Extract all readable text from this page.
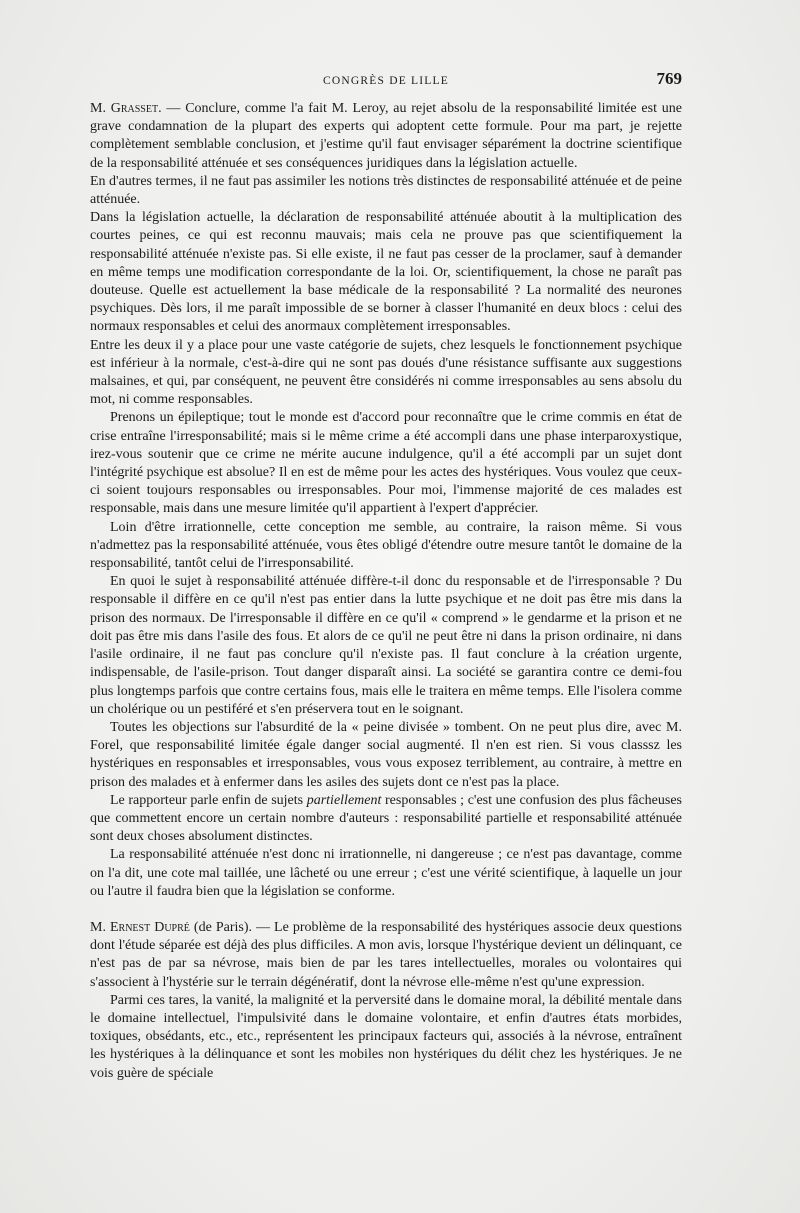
CONGRÈS DE LILLE	769

M. Grasset. — Conclure, comme l'a fait M. Leroy, au rejet absolu de la responsabilité limitée est une grave condamnation de la plupart des experts qui adoptent cette formule. Pour ma part, je rejette complètement semblable conclusion, et j'estime qu'il faut envisager séparément la doctrine scientifique de la responsabilité atténuée et ses conséquences juridiques dans la législation actuelle.

En d'autres termes, il ne faut pas assimiler les notions très distinctes de responsabilité atténuée et de peine atténuée.

Dans la législation actuelle, la déclaration de responsabilité atténuée aboutit à la multiplication des courtes peines, ce qui est reconnu mauvais; mais cela ne prouve pas que scientifiquement la responsabilité atténuée n'existe pas. Si elle existe, il ne faut pas cesser de la proclamer, sauf à demander en même temps une modification correspondante de la loi. Or, scientifiquement, la chose ne paraît pas douteuse. Quelle est actuellement la base médicale de la responsabilité ? La normalité des neurones psychiques. Dès lors, il me paraît impossible de se borner à classer l'humanité en deux blocs : celui des normaux responsables et celui des anormaux complètement irresponsables.

Entre les deux il y a place pour une vaste catégorie de sujets, chez lesquels le fonctionnement psychique est inférieur à la normale, c'est-à-dire qui ne sont pas doués d'une résistance suffisante aux suggestions malsaines, et qui, par conséquent, ne peuvent être considérés ni comme irresponsables au sens absolu du mot, ni comme responsables.

Prenons un épileptique; tout le monde est d'accord pour reconnaître que le crime commis en état de crise entraîne l'irresponsabilité; mais si le même crime a été accompli dans une phase interparoxystique, irez-vous soutenir que ce crime ne mérite aucune indulgence, qu'il a été accompli par un sujet dont l'intégrité psychique est absolue? Il en est de même pour les actes des hystériques. Vous voulez que ceux-ci soient toujours responsables ou irresponsables. Pour moi, l'immense majorité de ces malades est responsable, mais dans une mesure limitée qu'il appartient à l'expert d'apprécier.

Loin d'être irrationnelle, cette conception me semble, au contraire, la raison même. Si vous n'admettez pas la responsabilité atténuée, vous êtes obligé d'étendre outre mesure tantôt le domaine de la responsabilité, tantôt celui de l'irresponsabilité.

En quoi le sujet à responsabilité atténuée diffère-t-il donc du responsable et de l'irresponsable ? Du responsable il diffère en ce qu'il n'est pas entier dans la lutte psychique et ne doit pas être mis dans la prison des normaux. De l'irresponsable il diffère en ce qu'il « comprend » le gendarme et la prison et ne doit pas être mis dans l'asile des fous. Et alors de ce qu'il ne peut être ni dans la prison ordinaire, ni dans l'asile ordinaire, il ne faut pas conclure qu'il n'existe pas. Il faut conclure à la création urgente, indispensable, de l'asile-prison. Tout danger disparaît ainsi. La société se garantira contre ce demi-fou plus longtemps parfois que contre certains fous, mais elle le traitera en même temps. Elle l'isolera comme un cholérique ou un pestiféré et s'en préservera tout en le soignant.

Toutes les objections sur l'absurdité de la « peine divisée » tombent. On ne peut plus dire, avec M. Forel, que responsabilité limitée égale danger social augmenté. Il n'en est rien. Si vous classsz les hystériques en responsables et irresponsables, vous vous exposez terriblement, au contraire, à mettre en prison des malades et à enfermer dans les asiles des sujets dont ce n'est pas la place.

Le rapporteur parle enfin de sujets partiellement responsables ; c'est une confusion des plus fâcheuses que commettent encore un certain nombre d'auteurs : responsabilité partielle et responsabilité atténuée sont deux choses absolument distinctes.

La responsabilité atténuée n'est donc ni irrationnelle, ni dangereuse ; ce n'est pas davantage, comme on l'a dit, une cote mal taillée, une lâcheté ou une erreur ; c'est une vérité scientifique, à laquelle un jour ou l'autre il faudra bien que la législation se conforme.

M. Ernest Dupré (de Paris). — Le problème de la responsabilité des hystériques associe deux questions dont l'étude séparée est déjà des plus difficiles. A mon avis, lorsque l'hystérique devient un délinquant, ce n'est pas de par sa névrose, mais bien de par les tares intellectuelles, morales ou volontaires qui s'associent à l'hystérie sur le terrain dégénératif, dont la névrose elle-même n'est qu'une expression.

Parmi ces tares, la vanité, la malignité et la perversité dans le domaine moral, la débilité mentale dans le domaine intellectuel, l'impulsivité dans le domaine volontaire, et enfin d'autres états morbides, toxiques, obsédants, etc., etc., représentent les principaux facteurs qui, associés à la névrose, entraînent les hystériques à la délinquance et sont les mobiles non hystériques du délit chez les hystériques. Je ne vois guère de spéciale
